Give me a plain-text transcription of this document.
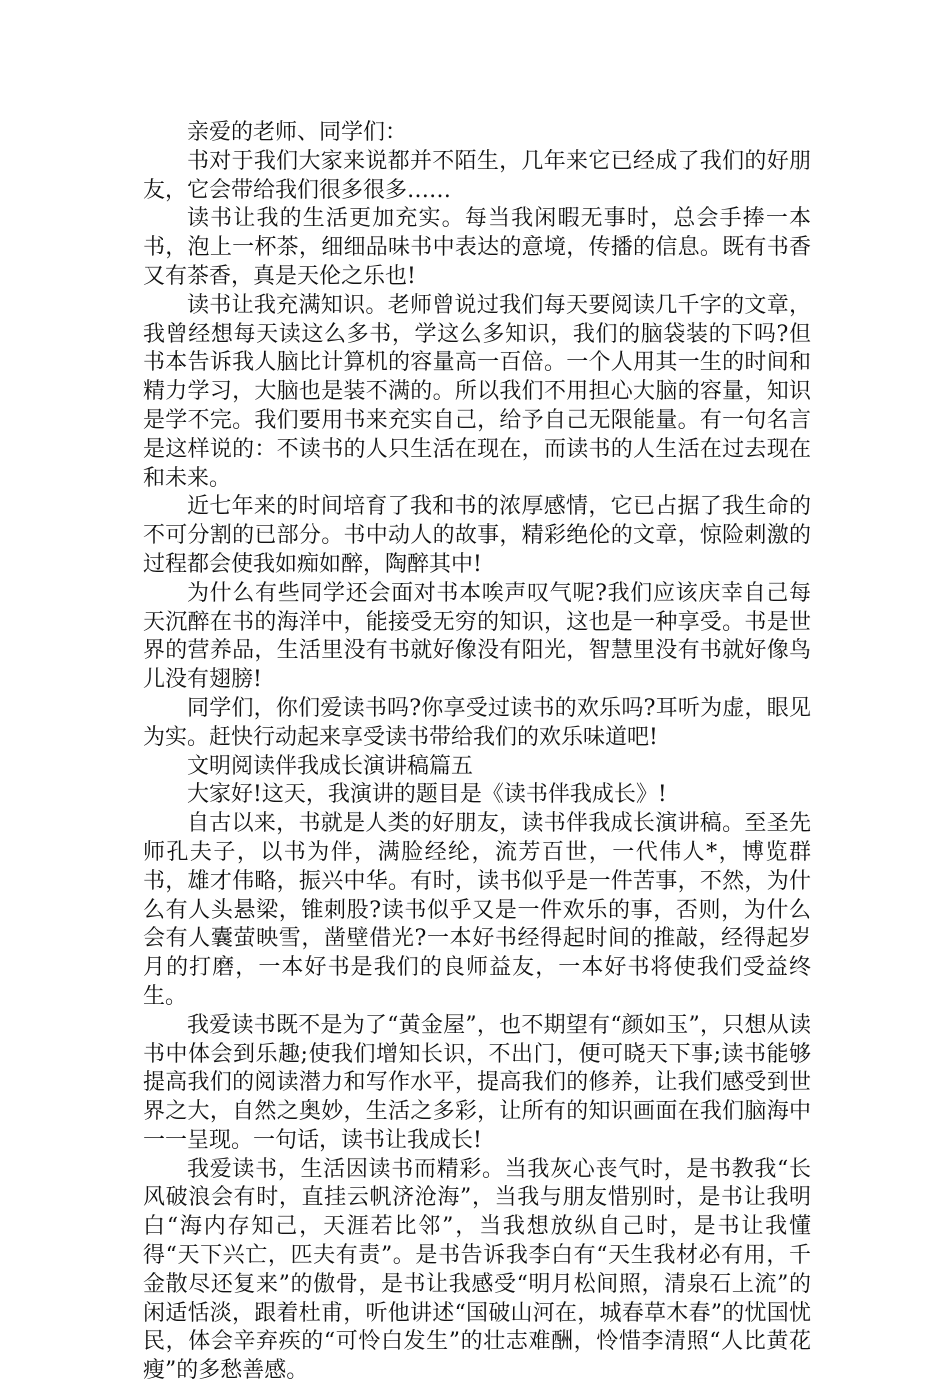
亲爱的老师、同学们：

书对于我们大家来说都并不陌生，几年来它已经成了我们的好朋友，它会带给我们很多很多……

读书让我的生活更加充实。每当我闲暇无事时，总会手捧一本书，泡上一杯茶，细细品味书中表达的意境，传播的信息。既有书香又有茶香，真是天伦之乐也!

读书让我充满知识。老师曾说过我们每天要阅读几千字的文章，我曾经想每天读这么多书，学这么多知识，我们的脑袋装的下吗?但书本告诉我人脑比计算机的容量高一百倍。一个人用其一生的时间和精力学习，大脑也是装不满的。所以我们不用担心大脑的容量，知识是学不完。我们要用书来充实自己，给予自己无限能量。有一句名言是这样说的：不读书的人只生活在现在，而读书的人生活在过去现在和未来。

近七年来的时间培育了我和书的浓厚感情，它已占据了我生命的不可分割的已部分。书中动人的故事，精彩绝伦的文章，惊险刺激的过程都会使我如痴如醉，陶醉其中!

为什么有些同学还会面对书本唉声叹气呢?我们应该庆幸自己每天沉醉在书的海洋中，能接受无穷的知识，这也是一种享受。书是世界的营养品，生活里没有书就好像没有阳光，智慧里没有书就好像鸟儿没有翅膀!

同学们，你们爱读书吗?你享受过读书的欢乐吗?耳听为虚，眼见为实。赶快行动起来享受读书带给我们的欢乐味道吧!

文明阅读伴我成长演讲稿篇五

大家好!这天，我演讲的题目是《读书伴我成长》!

自古以来，书就是人类的好朋友，读书伴我成长演讲稿。至圣先师孔夫子，以书为伴，满脸经纶，流芳百世，一代伟人*，博览群书，雄才伟略，振兴中华。有时，读书似乎是一件苦事，不然，为什么有人头悬梁，锥刺股?读书似乎又是一件欢乐的事，否则，为什么会有人囊萤映雪，凿壁借光?一本好书经得起时间的推敲，经得起岁月的打磨，一本好书是我们的良师益友，一本好书将使我们受益终生。

我爱读书既不是为了“黄金屋”，也不期望有“颜如玉”，只想从读书中体会到乐趣;使我们增知长识，不出门，便可晓天下事;读书能够提高我们的阅读潜力和写作水平，提高我们的修养，让我们感受到世界之大，自然之奥妙，生活之多彩，让所有的知识画面在我们脑海中一一呈现。一句话，读书让我成长!

我爱读书，生活因读书而精彩。当我灰心丧气时，是书教我“长风破浪会有时，直挂云帆济沧海”，当我与朋友惜别时，是书让我明白“海内存知己，天涯若比邻”，当我想放纵自己时，是书让我懂得“天下兴亡，匹夫有责”。是书告诉我李白有“天生我材必有用，千金散尽还复来”的傲骨，是书让我感受“明月松间照，清泉石上流”的闲适恬淡，跟着杜甫，听他讲述“国破山河在，城春草木春”的忧国忧民，体会辛弃疾的“可怜白发生”的壮志难酬，怜惜李清照“人比黄花瘦”的多愁善感。
